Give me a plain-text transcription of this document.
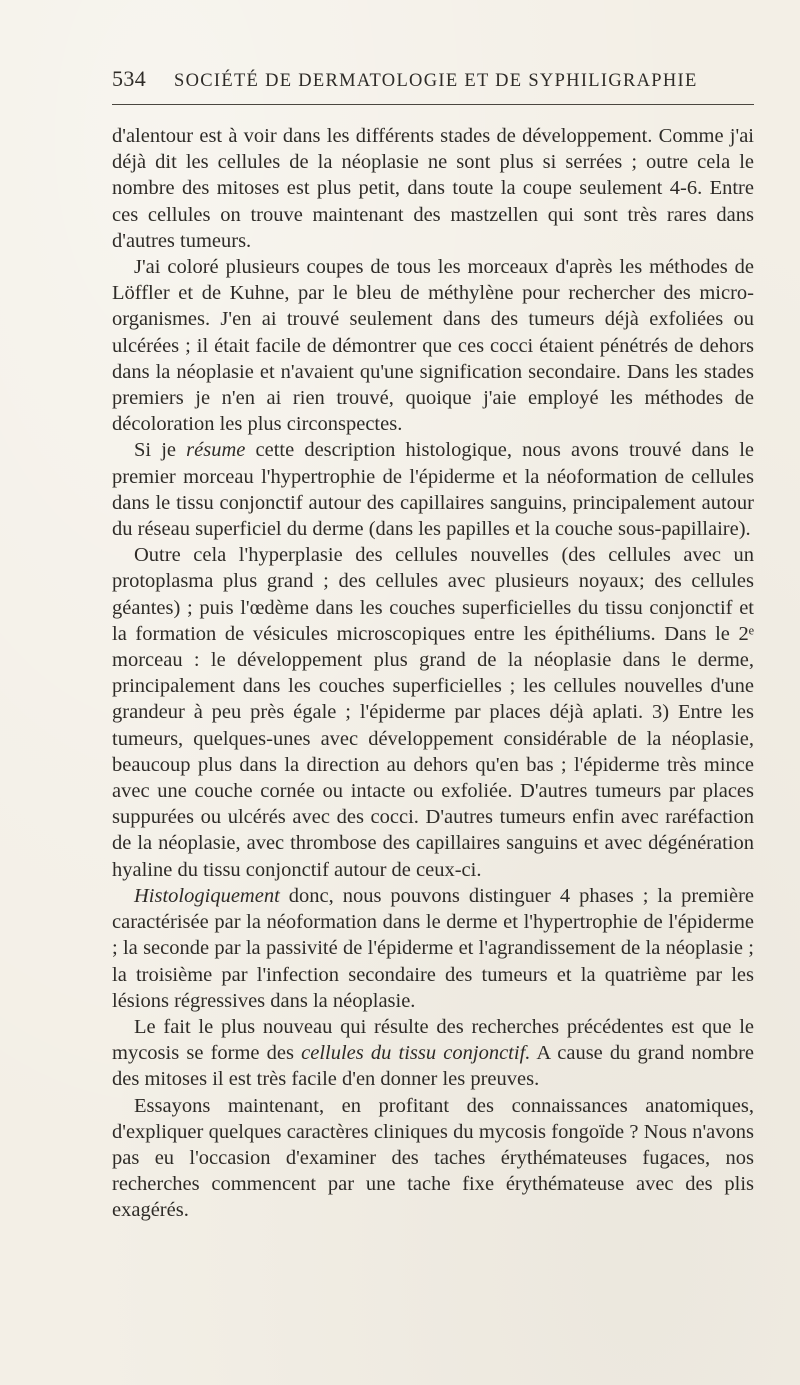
534	SOCIÉTÉ DE DERMATOLOGIE ET DE SYPHILIGRAPHIE

d'alentour est à voir dans les différents stades de développement. Comme j'ai déjà dit les cellules de la néoplasie ne sont plus si serrées ; outre cela le nombre des mitoses est plus petit, dans toute la coupe seulement 4-6. Entre ces cellules on trouve maintenant des mastzellen qui sont très rares dans d'autres tumeurs.

J'ai coloré plusieurs coupes de tous les morceaux d'après les méthodes de Löffler et de Kuhne, par le bleu de méthylène pour rechercher des micro-organismes. J'en ai trouvé seulement dans des tumeurs déjà exfoliées ou ulcérées ; il était facile de démontrer que ces cocci étaient pénétrés de dehors dans la néoplasie et n'avaient qu'une signification secondaire. Dans les stades premiers je n'en ai rien trouvé, quoique j'aie employé les méthodes de décoloration les plus circonspectes.

Si je résume cette description histologique, nous avons trouvé dans le premier morceau l'hypertrophie de l'épiderme et la néoformation de cellules dans le tissu conjonctif autour des capillaires sanguins, principalement autour du réseau superficiel du derme (dans les papilles et la couche sous-papillaire).

Outre cela l'hyperplasie des cellules nouvelles (des cellules avec un protoplasma plus grand ; des cellules avec plusieurs noyaux; des cellules géantes) ; puis l'œdème dans les couches superficielles du tissu conjonctif et la formation de vésicules microscopiques entre les épithéliums. Dans le 2ᵉ morceau : le développement plus grand de la néoplasie dans le derme, principalement dans les couches superficielles ; les cellules nouvelles d'une grandeur à peu près égale ; l'épiderme par places déjà aplati. 3) Entre les tumeurs, quelques-unes avec développement considérable de la néoplasie, beaucoup plus dans la direction au dehors qu'en bas ; l'épiderme très mince avec une couche cornée ou intacte ou exfoliée. D'autres tumeurs par places suppurées ou ulcérés avec des cocci. D'autres tumeurs enfin avec raréfaction de la néoplasie, avec thrombose des capillaires sanguins et avec dégénération hyaline du tissu conjonctif autour de ceux-ci.

Histologiquement donc, nous pouvons distinguer 4 phases ; la première caractérisée par la néoformation dans le derme et l'hypertrophie de l'épiderme ; la seconde par la passivité de l'épiderme et l'agrandissement de la néoplasie ; la troisième par l'infection secondaire des tumeurs et la quatrième par les lésions régressives dans la néoplasie.

Le fait le plus nouveau qui résulte des recherches précédentes est que le mycosis se forme des cellules du tissu conjonctif. A cause du grand nombre des mitoses il est très facile d'en donner les preuves.

Essayons maintenant, en profitant des connaissances anatomiques, d'expliquer quelques caractères cliniques du mycosis fongoïde ? Nous n'avons pas eu l'occasion d'examiner des taches érythémateuses fugaces, nos recherches commencent par une tache fixe érythémateuse avec des plis exagérés.
